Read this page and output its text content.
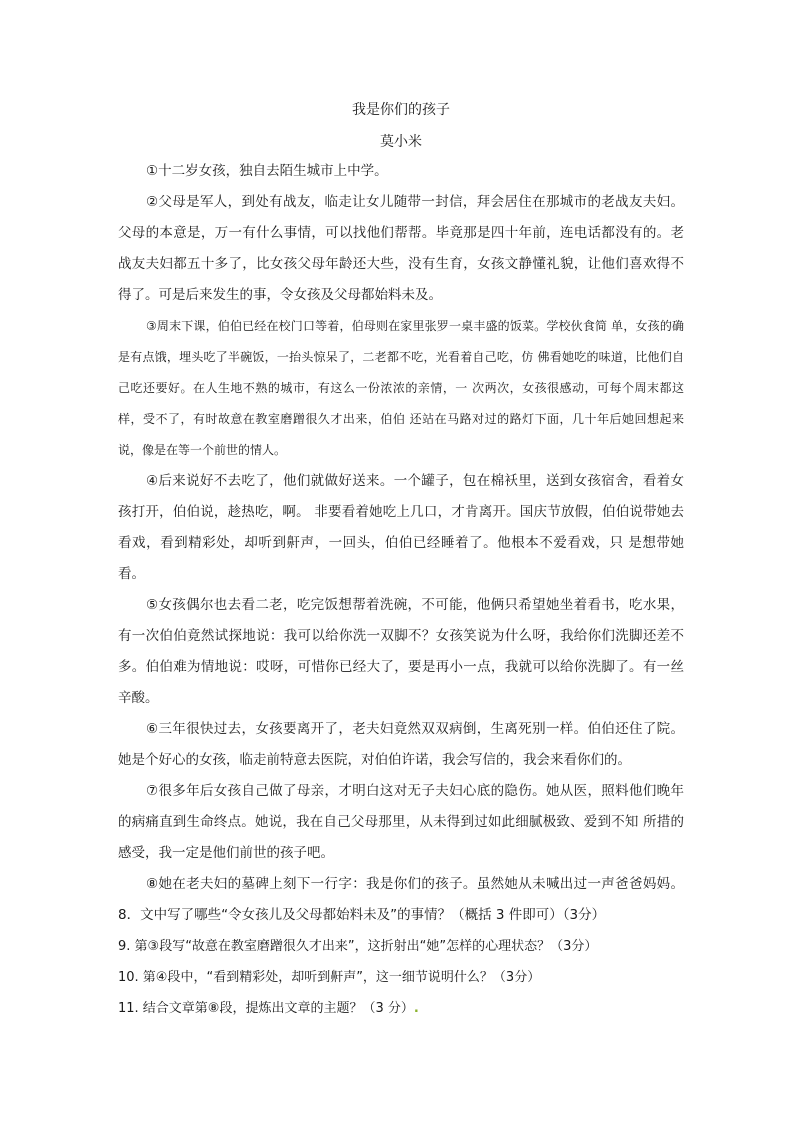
我是你们的孩子

莫小米

①十二岁女孩，独自去陌生城市上中学。

②父母是军人，到处有战友，临走让女儿随带一封信，拜会居住在那城市的老战友夫妇。 父母的本意是，万一有什么事情，可以找他们帮帮。毕竟那是四十年前，连电话都没有的。老战友夫妇都五十多了，比女孩父母年龄还大些，没有生育，女孩文静懂礼貌，让他们喜欢得不得了。可是后来发生的事，令女孩及父母都始料未及。

③周末下课，伯伯已经在校门口等着，伯母则在家里张罗一桌丰盛的饭菜。学校伙食简 单，女孩的确是有点饿，埋头吃了半碗饭，一抬头惊呆了，二老都不吃，光看着自己吃，仿 佛看她吃的味道，比他们自己吃还要好。在人生地不熟的城市，有这么一份浓浓的亲情，一 次两次，女孩很感动，可每个周末都这样，受不了，有时故意在教室磨蹭很久才出来，伯伯 还站在马路对过的路灯下面，几十年后她回想起来说，像是在等一个前世的情人。

④后来说好不去吃了，他们就做好送来。一个罐子，包在棉袄里，送到女孩宿舍，看着女孩打开，伯伯说，趁热吃，啊。 非要看着她吃上几口，才肯离开。国庆节放假，伯伯说带她去看戏，看到精彩处，却听到鼾声，一回头，伯伯已经睡着了。他根本不爱看戏，只 是想带她看。

⑤女孩偶尔也去看二老，吃完饭想帮着洗碗，不可能，他俩只希望她坐着看书，吃水果， 有一次伯伯竟然试探地说：我可以给你洗一双脚不？女孩笑说为什么呀，我给你们洗脚还差不多。伯伯难为情地说：哎呀，可惜你已经大了，要是再小一点，我就可以给你洗脚了。有一丝辛酸。

⑥三年很快过去，女孩要离开了，老夫妇竟然双双病倒，生离死别一样。伯伯还住了院。 她是个好心的女孩，临走前特意去医院，对伯伯许诺，我会写信的，我会来看你们的。

⑦很多年后女孩自己做了母亲，才明白这对无子夫妇心底的隐伤。她从医，照料他们晚年的病痛直到生命终点。她说，我在自己父母那里，从未得到过如此细腻极致、爱到不知 所措的感受，我一定是他们前世的孩子吧。

⑧她在老夫妇的墓碑上刻下一行字：我是你们的孩子。虽然她从未喊出过一声爸爸妈妈。8．文中写了哪些“令女孩儿及父母都始料未及”的事情？（概括 3 件即可）（3分）

9. 第③段写“故意在教室磨蹭很久才出来”，这折射出“她”怎样的心理状态？（3分）

10. 第④段中，“看到精彩处，却听到鼾声”，这一细节说明什么？（3分）

11. 结合文章第⑧段，提炼出文章的主题？（3 分）.
